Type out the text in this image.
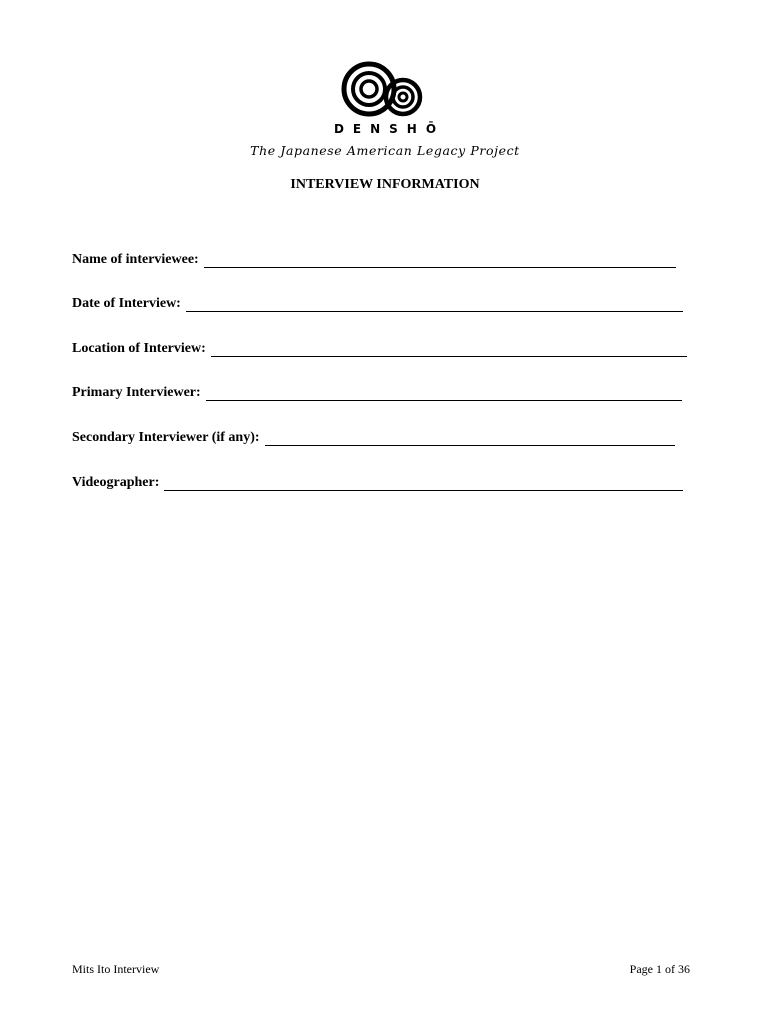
DENSHŌ
The Japanese American Legacy Project
INTERVIEW INFORMATION
Name of interviewee:
Date of Interview:
Location of Interview:
Primary Interviewer:
Secondary Interviewer (if any):
Videographer:
Mits Ito Interview	Page 1 of 36
